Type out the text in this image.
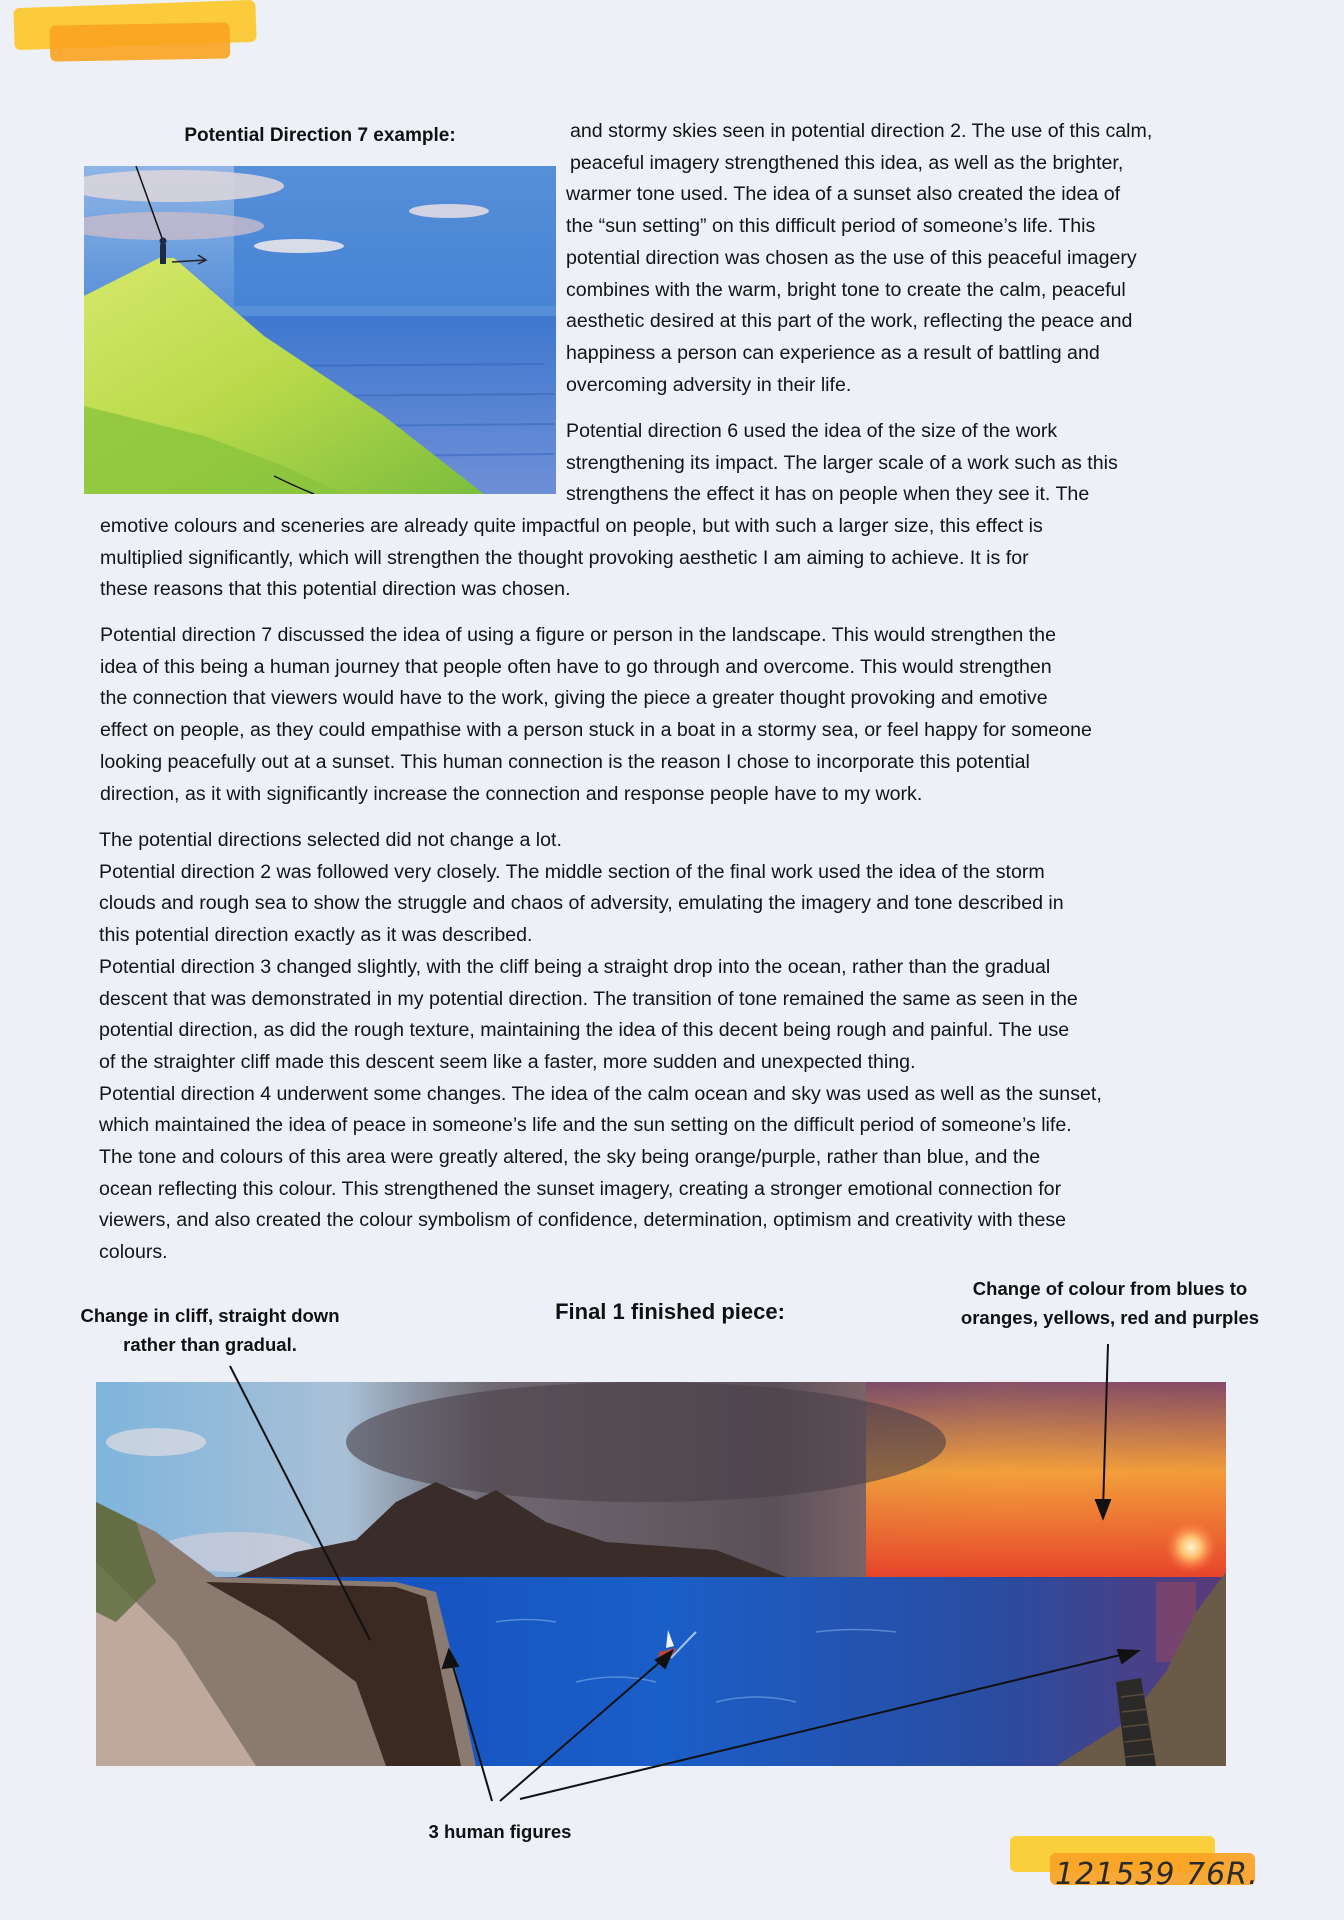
Potential Direction 7 example:	and stormy skies seen in potential direction 2. The use of this calm,
peaceful imagery strengthened this idea, as well as the brighter,
warmer tone used. The idea of a sunset also created the idea of
the “sun setting” on this difficult period of someone’s life. This
potential direction was chosen as the use of this peaceful imagery
combines with the warm, bright tone to create the calm, peaceful
aesthetic desired at this part of the work, reflecting the peace and
happiness a person can experience as a result of battling and
overcoming adversity in their life.
Potential direction 6 used the idea of the size of the work
strengthening its impact. The larger scale of a work such as this
strengthens the effect it has on people when they see it. The
emotive colours and sceneries are already quite impactful on people, but with such a larger size, this effect is
multiplied significantly, which will strengthen the thought provoking aesthetic I am aiming to achieve. It is for
these reasons that this potential direction was chosen.
Potential direction 7 discussed the idea of using a figure or person in the landscape. This would strengthen the
idea of this being a human journey that people often have to go through and overcome. This would strengthen
the connection that viewers would have to the work, giving the piece a greater thought provoking and emotive
effect on people, as they could empathise with a person stuck in a boat in a stormy sea, or feel happy for someone
looking peacefully out at a sunset. This human connection is the reason I chose to incorporate this potential
direction, as it with significantly increase the connection and response people have to my work.
The potential directions selected did not change a lot.
Potential direction 2 was followed very closely. The middle section of the final work used the idea of the storm
clouds and rough sea to show the struggle and chaos of adversity, emulating the imagery and tone described in
this potential direction exactly as it was described.
Potential direction 3 changed slightly, with the cliff being a straight drop into the ocean, rather than the gradual
descent that was demonstrated in my potential direction. The transition of tone remained the same as seen in the
potential direction, as did the rough texture, maintaining the idea of this decent being rough and painful. The use
of the straighter cliff made this descent seem like a faster, more sudden and unexpected thing.
Potential direction 4 underwent some changes. The idea of the calm ocean and sky was used as well as the sunset,
which maintained the idea of peace in someone’s life and the sun setting on the difficult period of someone’s life.
The tone and colours of this area were greatly altered, the sky being orange/purple, rather than blue, and the
ocean reflecting this colour. This strengthened the sunset imagery, creating a stronger emotional connection for
viewers, and also created the colour symbolism of confidence, determination, optimism and creativity with these
colours.
Change in cliff, straight down
rather than gradual.
Final 1 finished piece:
Change of colour from blues to
oranges, yellows, red and purples
3 human figures
121539 76R.
